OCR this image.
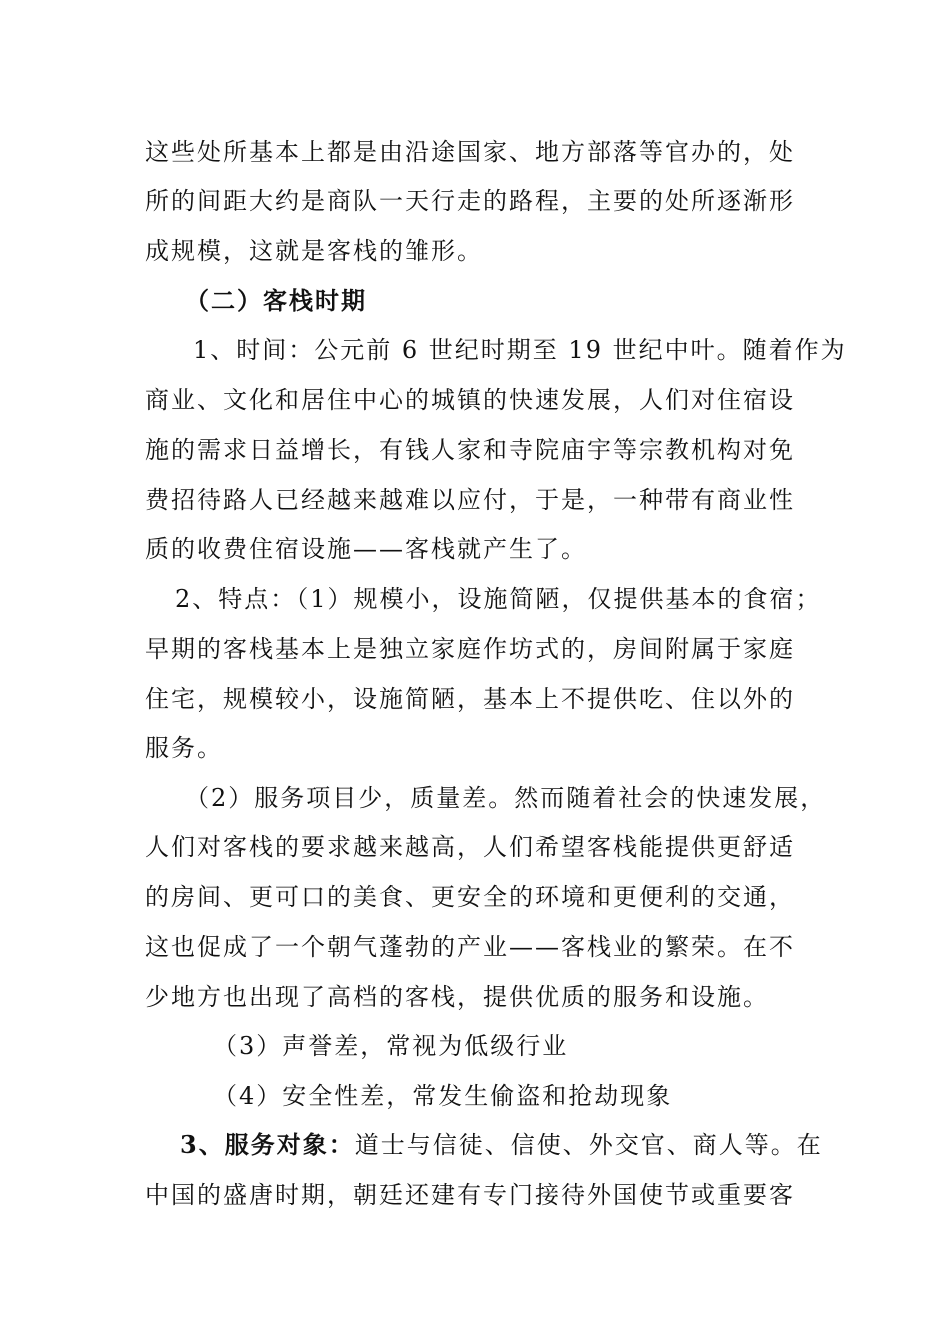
这些处所基本上都是由沿途国家、地方部落等官办的，处
所的间距大约是商队一天行走的路程，主要的处所逐渐形
成规模，这就是客栈的雏形。
（二）客栈时期
1、时间：公元前 6 世纪时期至 19 世纪中叶。随着作为
商业、文化和居住中心的城镇的快速发展，人们对住宿设
施的需求日益增长，有钱人家和寺院庙宇等宗教机构对免
费招待路人已经越来越难以应付，于是，一种带有商业性
质的收费住宿设施——客栈就产生了。
2、特点：（1）规模小，设施简陋，仅提供基本的食宿；
早期的客栈基本上是独立家庭作坊式的，房间附属于家庭
住宅，规模较小，设施简陋，基本上不提供吃、住以外的
服务。
（2）服务项目少，质量差。然而随着社会的快速发展，
人们对客栈的要求越来越高，人们希望客栈能提供更舒适
的房间、更可口的美食、更安全的环境和更便利的交通，
这也促成了一个朝气蓬勃的产业——客栈业的繁荣。在不
少地方也出现了高档的客栈，提供优质的服务和设施。
（3）声誉差，常视为低级行业
（4）安全性差，常发生偷盗和抢劫现象
3、服务对象：道士与信徒、信使、外交官、商人等。在
中国的盛唐时期，朝廷还建有专门接待外国使节或重要客
